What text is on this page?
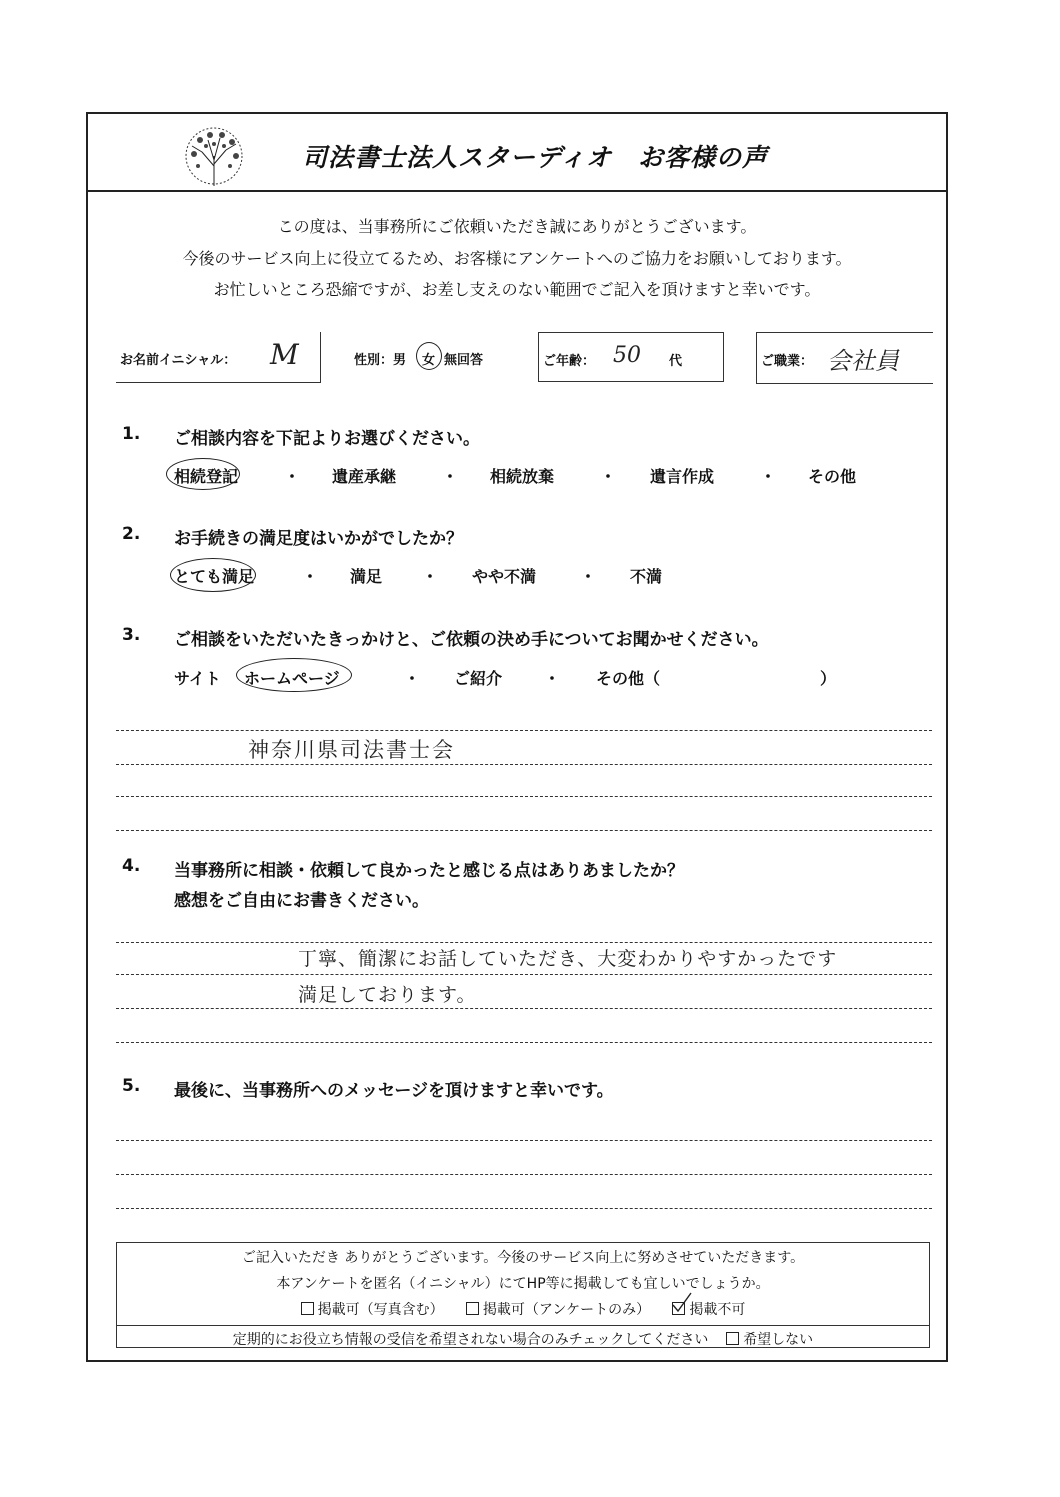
司法書士法人スターディオ　お客様の声
この度は、当事務所にご依頼いただき誠にありがとうございます。
今後のサービス向上に役立てるため、お客様にアンケートへのご協力をお願いしております。
お忙しいところ恐縮ですが、お差し支えのない範囲でご記入を頂けますと幸いです。
お名前イニシャル： M	性別：男 女 無回答	ご年齢： 50 代	ご職業： 会社員
1. ご相談内容を下記よりお選びください。
相続登記	・ 遺産承継	・ 相続放棄	・ 遺言作成	・ その他
2. お手続きの満足度はいかがでしたか？
とても満足	・ 満足 ・ やや不満	・ 不満
3. ご相談をいただいたきっかけと、ご依頼の決め手についてお聞かせください。
サイト ホームページ	・ ご紹介	・ その他（	）
神奈川県司法書士会
4. 当事務所に相談・依頼して良かったと感じる点はありあましたか？
感想をご自由にお書きください。
丁寧、簡潔にお話していただき、大変わかりやすかったです
満足しております。
5. 最後に、当事務所へのメッセージを頂けますと幸いです。
ご記入いただき ありがとうございます。今後のサービス向上に努めさせていただきます。
本アンケートを匿名（イニシャル）にてHP等に掲載しても宜しいでしょうか。
掲載可（写真含む）	掲載可（アンケートのみ）	掲載不可
定期的にお役立ち情報の受信を希望されない場合のみチェックしてください 希望しない
